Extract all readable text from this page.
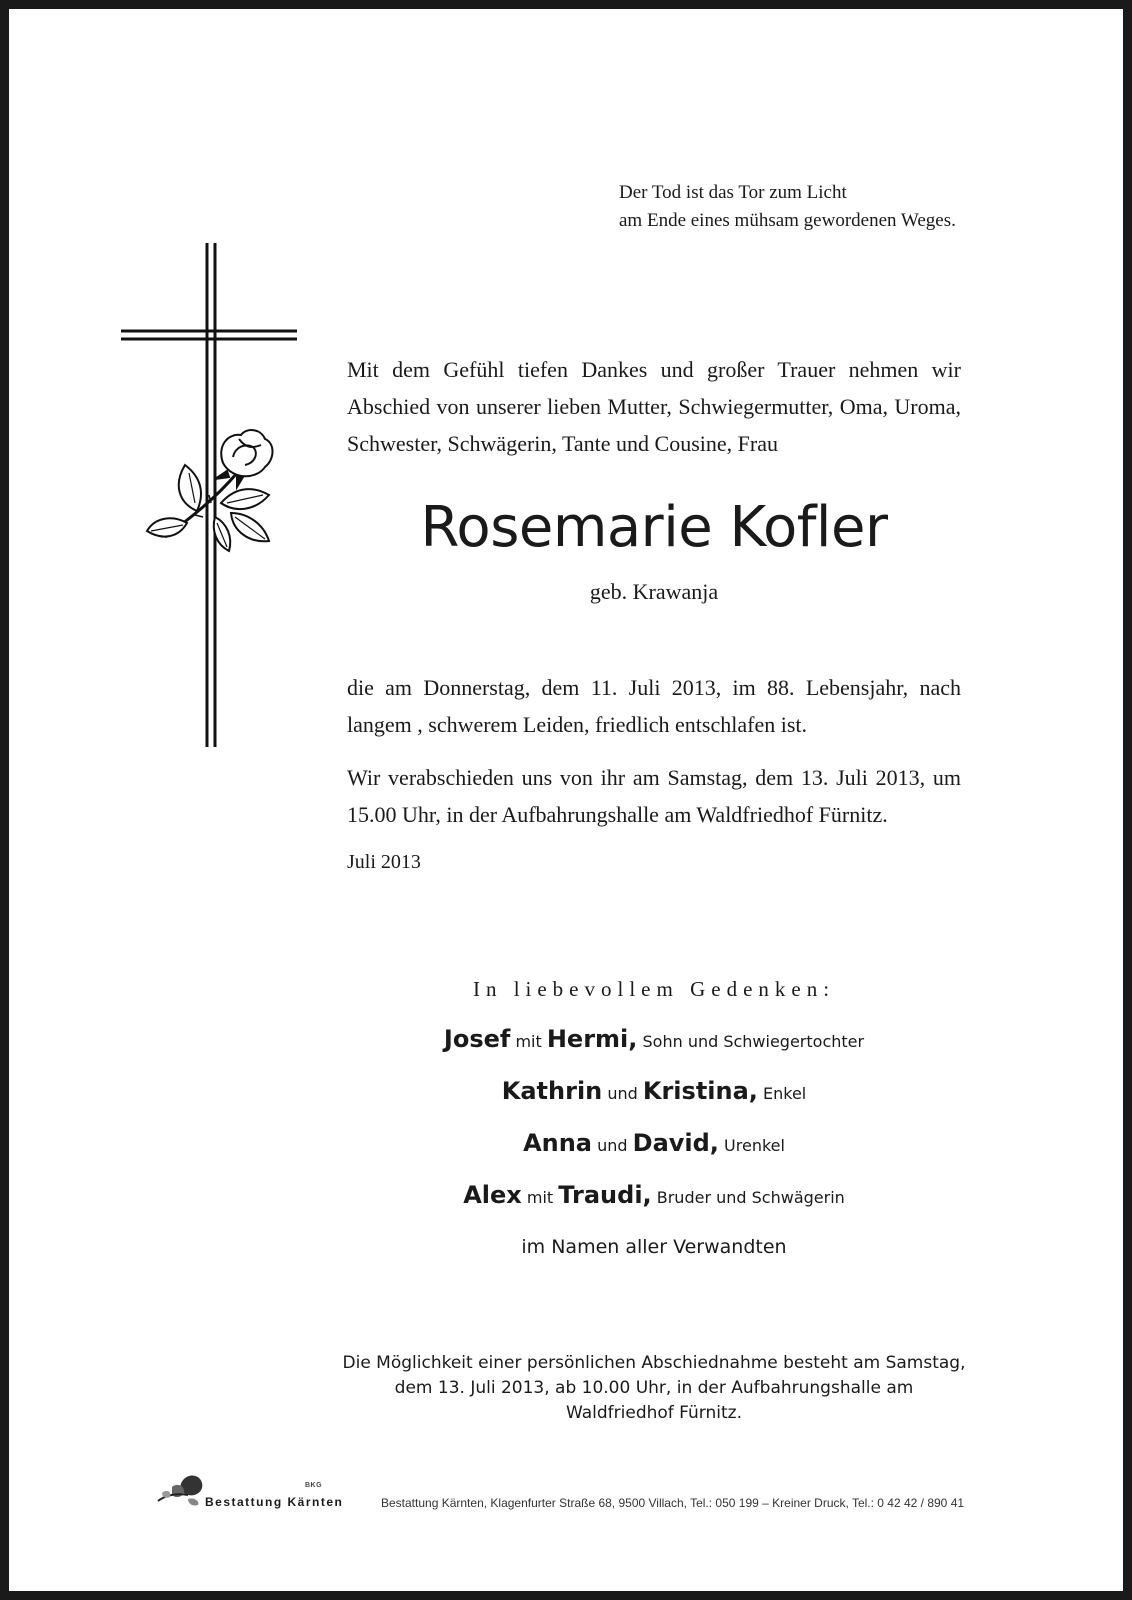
Der Tod ist das Tor zum Licht
am Ende eines mühsam gewordenen Weges.
Mit dem Gefühl tiefen Dankes und großer Trauer nehmen wir Abschied von unserer lieben Mutter, Schwiegermutter, Oma, Uroma, Schwester, Schwägerin, Tante und Cousine, Frau
Rosemarie Kofler
geb. Krawanja
die am Donnerstag, dem 11. Juli 2013, im 88. Lebensjahr, nach langem , schwerem Leiden, friedlich entschlafen ist.
Wir verabschieden uns von ihr am Samstag, dem 13. Juli 2013, um 15.00 Uhr, in der Aufbahrungshalle am Waldfriedhof Fürnitz.
Juli 2013
In liebevollem Gedenken:
Josef mit Hermi, Sohn und Schwiegertochter
Kathrin und Kristina, Enkel
Anna und David, Urenkel
Alex mit Traudi, Bruder und Schwägerin
im Namen aller Verwandten
Die Möglichkeit einer persönlichen Abschiednahme besteht am Samstag,
dem 13. Juli 2013, ab 10.00 Uhr, in der Aufbahrungshalle am
Waldfriedhof Fürnitz.
BKG
Bestattung Kärnten	Bestattung Kärnten, Klagenfurter Straße 68, 9500 Villach, Tel.: 050 199 – Kreiner Druck, Tel.: 0 42 42 / 890 41
